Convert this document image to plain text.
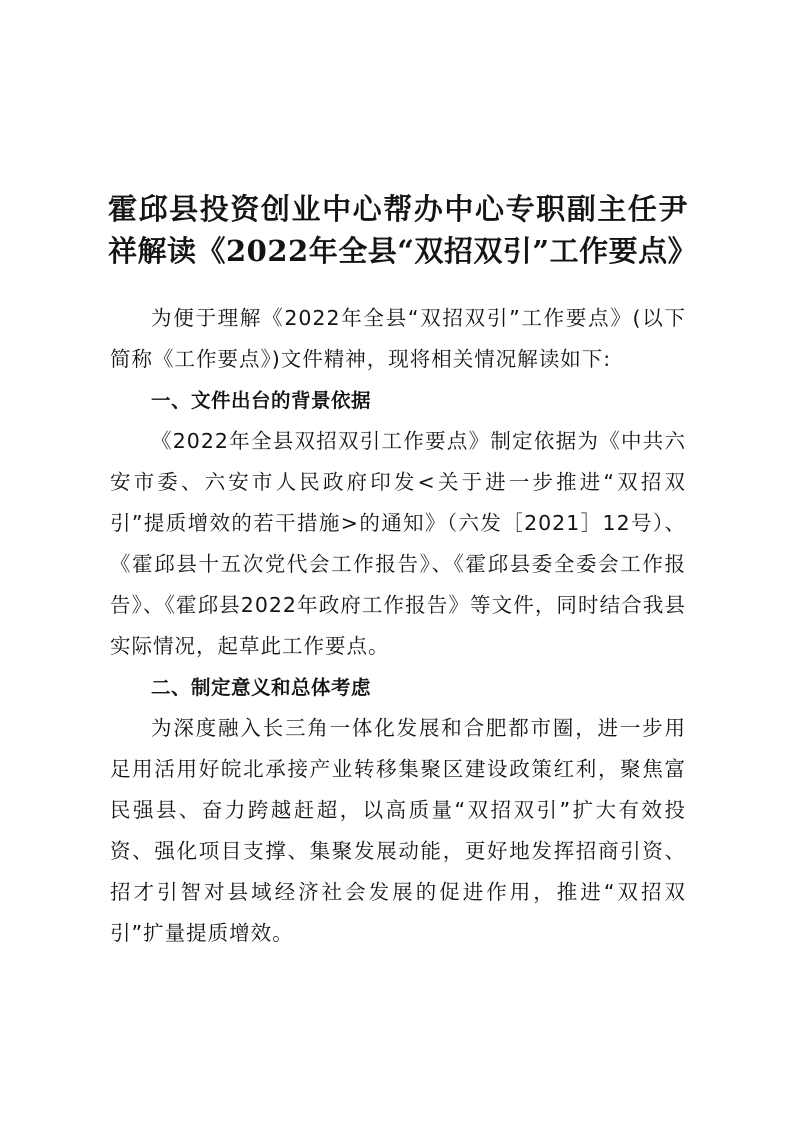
霍邱县投资创业中心帮办中心专职副主任尹祥解读《2022年全县“双招双引”工作要点》

为便于理解《2022年全县“双招双引”工作要点》(以下简称《工作要点》)文件精神，现将相关情况解读如下:

一、文件出台的背景依据

《2022年全县双招双引工作要点》制定依据为《中共六安市委、六安市人民政府印发<关于进一步推进“双招双引”提质增效的若干措施>的通知》（六发［2021］12号）、《霍邱县十五次党代会工作报告》、《霍邱县委全委会工作报告》、《霍邱县2022年政府工作报告》等文件，同时结合我县实际情况，起草此工作要点。

二、制定意义和总体考虑

为深度融入长三角一体化发展和合肥都市圈，进一步用足用活用好皖北承接产业转移集聚区建设政策红利，聚焦富民强县、奋力跨越赶超，以高质量“双招双引”扩大有效投资、强化项目支撑、集聚发展动能，更好地发挥招商引资、招才引智对县域经济社会发展的促进作用，推进“双招双引”扩量提质增效。
